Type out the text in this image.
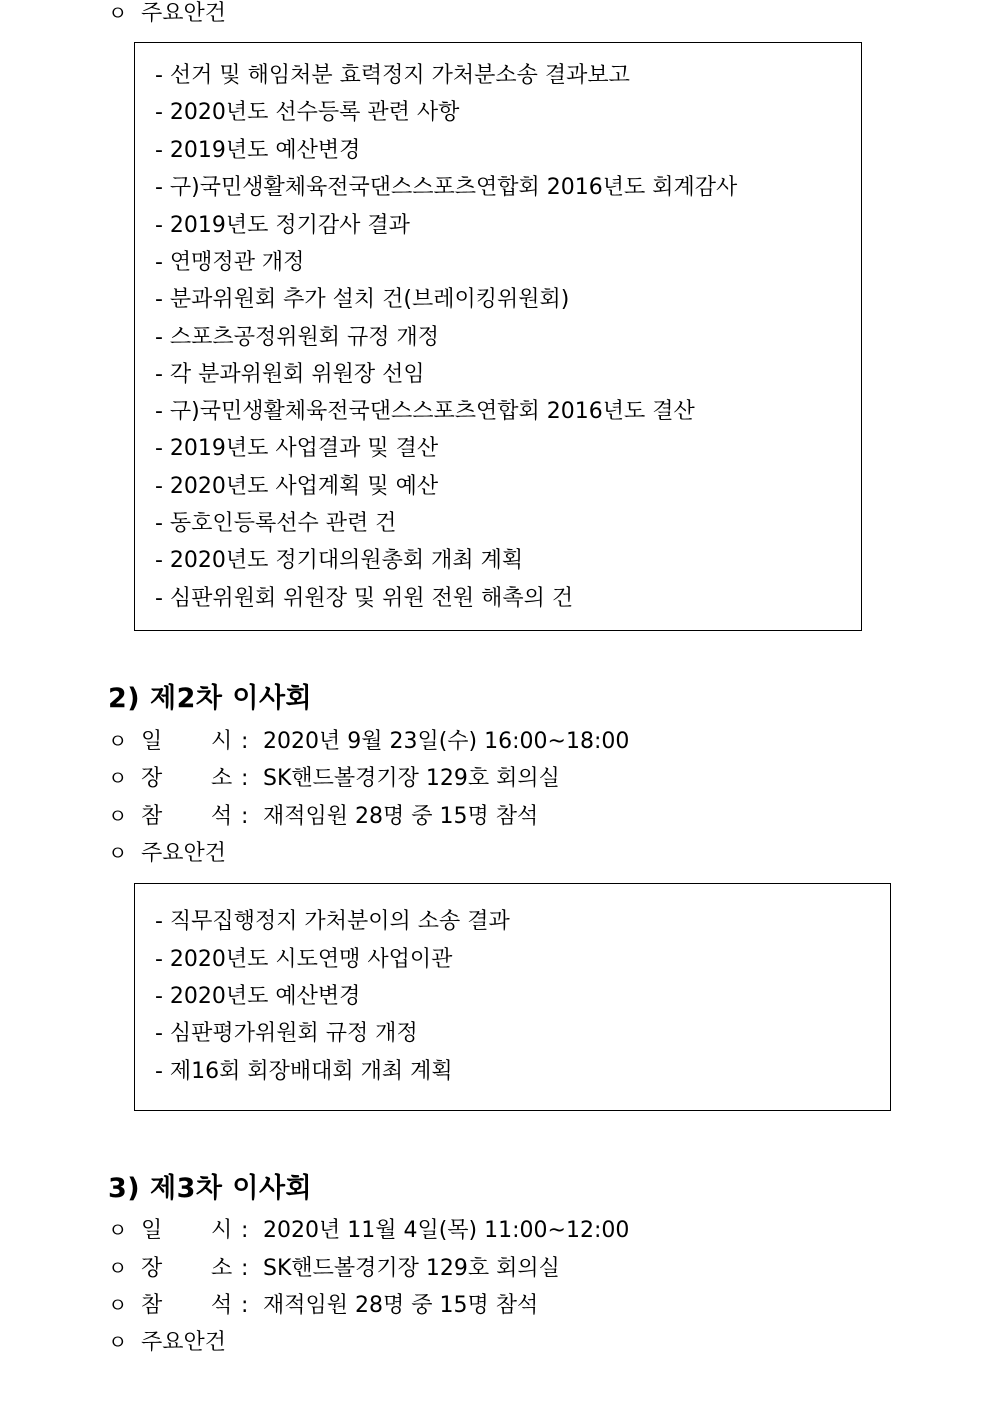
ㅇ 주요안건
- 선거 및 해임처분 효력정지 가처분소송 결과보고
- 2020년도 선수등록 관련 사항
- 2019년도 예산변경
- 구)국민생활체육전국댄스스포츠연합회 2016년도 회계감사
- 2019년도 정기감사 결과
- 연맹정관 개정
- 분과위원회 추가 설치 건(브레이킹위원회)
- 스포츠공정위원회 규정 개정
- 각 분과위원회 위원장 선임
- 구)국민생활체육전국댄스스포츠연합회 2016년도 결산
- 2019년도 사업결과 및 결산
- 2020년도 사업계획 및 예산
- 동호인등록선수 관련 건
- 2020년도 정기대의원총회 개최 계획
- 심판위원회 위원장 및 위원 전원 해촉의 건
2) 제2차 이사회
ㅇ 일 시 : 2020년 9월 23일(수) 16:00~18:00
ㅇ 장 소 : SK핸드볼경기장 129호 회의실
ㅇ 참 석 : 재적임원 28명 중 15명 참석
ㅇ 주요안건
- 직무집행정지 가처분이의 소송 결과
- 2020년도 시도연맹 사업이관
- 2020년도 예산변경
- 심판평가위원회 규정 개정
- 제16회 회장배대회 개최 계획
3) 제3차 이사회
ㅇ 일 시 : 2020년 11월 4일(목) 11:00~12:00
ㅇ 장 소 : SK핸드볼경기장 129호 회의실
ㅇ 참 석 : 재적임원 28명 중 15명 참석
ㅇ 주요안건
